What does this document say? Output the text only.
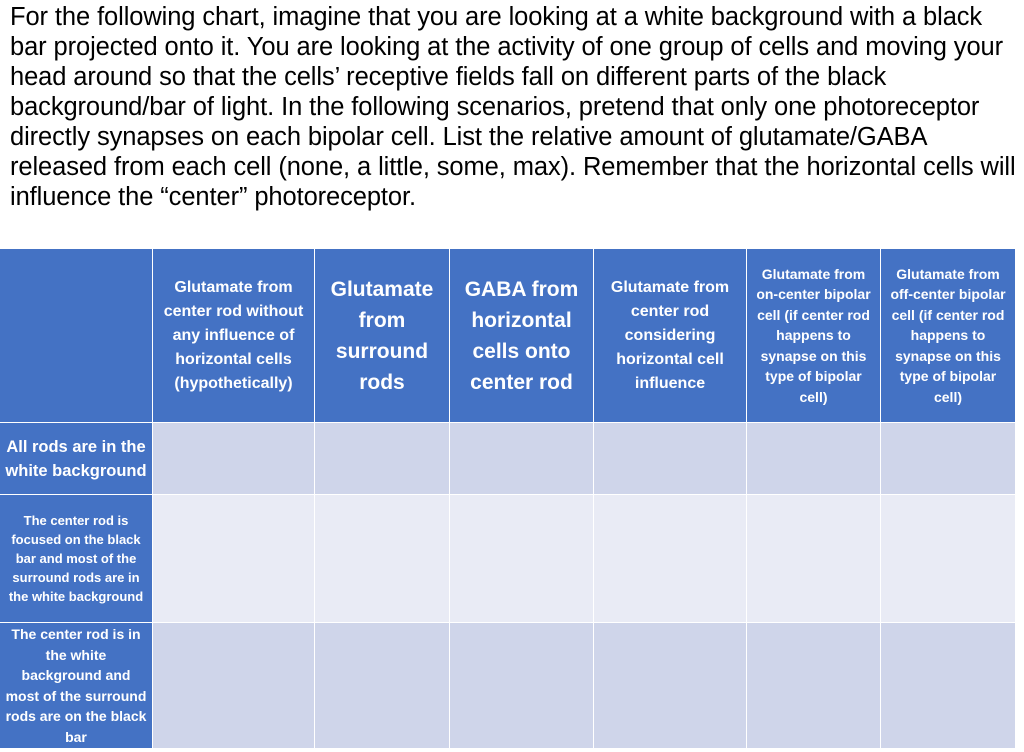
For the following chart, imagine that you are looking at a white background with a black bar projected onto it. You are looking at the activity of one group of cells and moving your head around so that the cells’ receptive fields fall on different parts of the black background/bar of light. In the following scenarios, pretend that only one photoreceptor directly synapses on each bipolar cell. List the relative amount of glutamate/GABA released from each cell (none, a little, some, max). Remember that the horizontal cells will influence the “center” photoreceptor.
Glutamate from center rod without any influence of horizontal cells (hypothetically)
Glutamate from surround rods
GABA from horizontal cells onto center rod
Glutamate from center rod considering horizontal cell influence
Glutamate from on-center bipolar cell (if center rod happens to synapse on this type of bipolar cell)
Glutamate from off-center bipolar cell (if center rod happens to synapse on this type of bipolar cell)
All rods are in the white background
The center rod is focused on the black bar and most of the surround rods are in the white background
The center rod is in the white background and most of the surround rods are on the black bar
